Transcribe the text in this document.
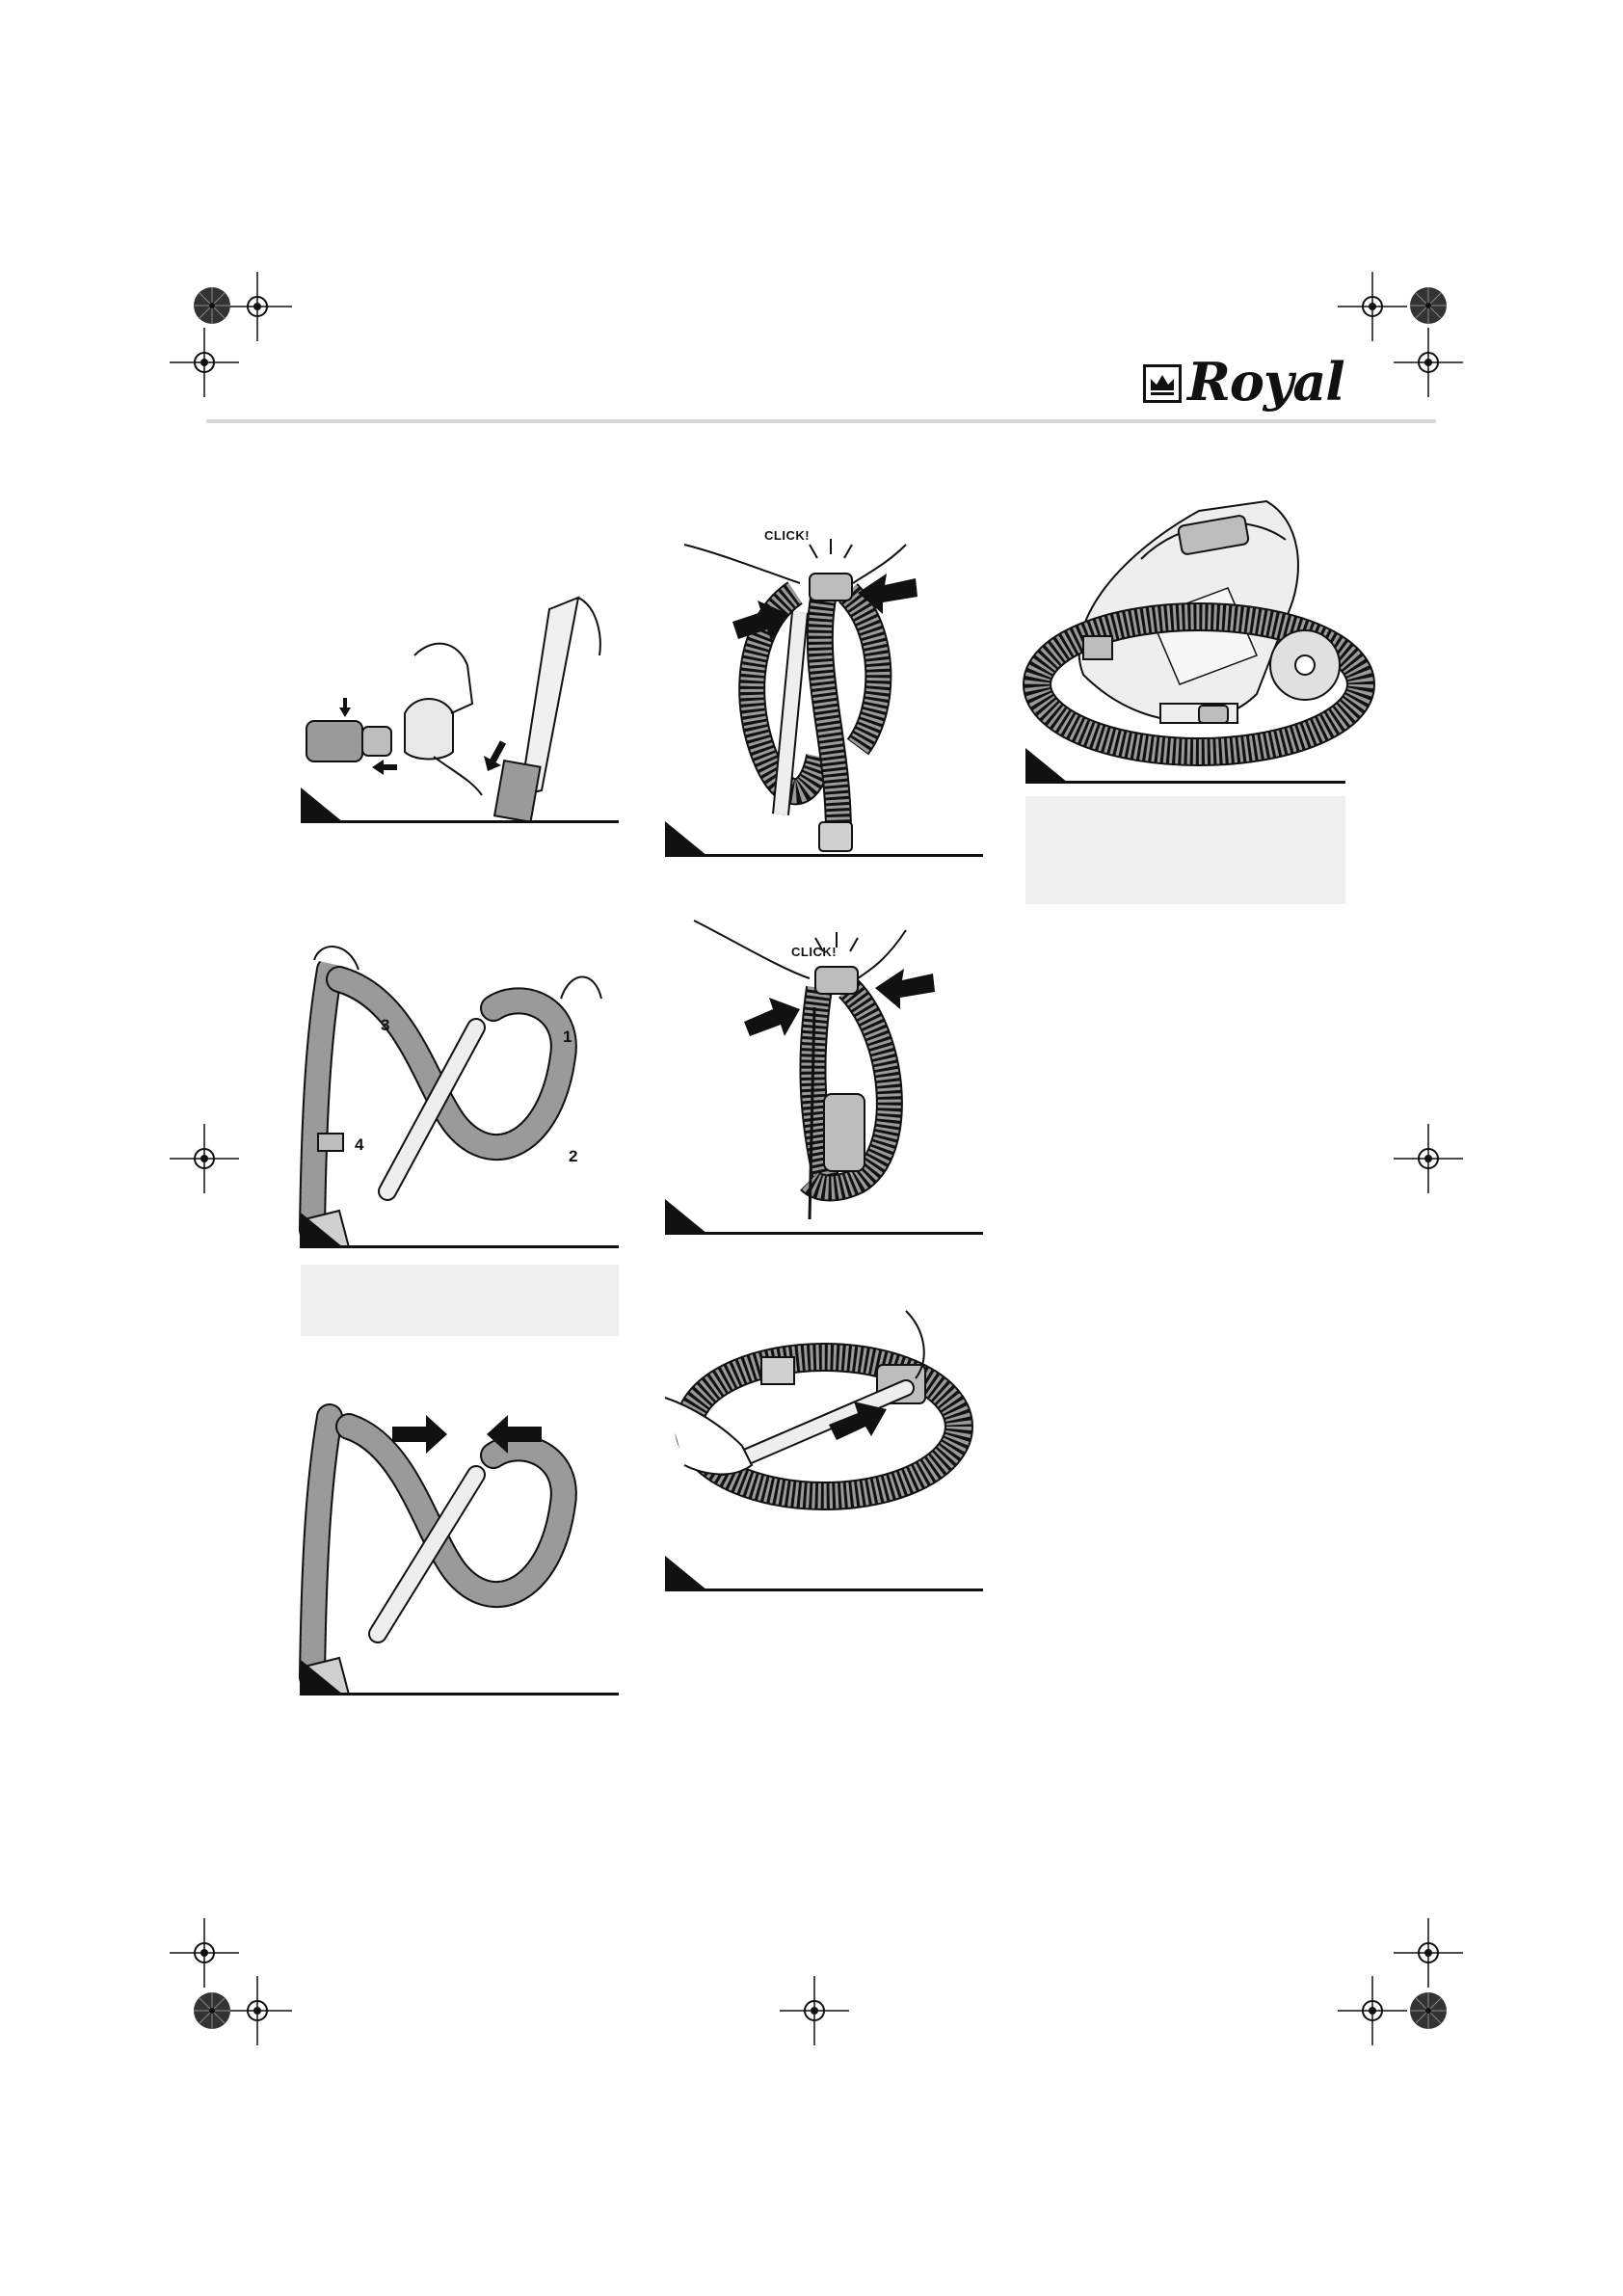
Royal
3
1
4
2
CLICK!
CLICK!
